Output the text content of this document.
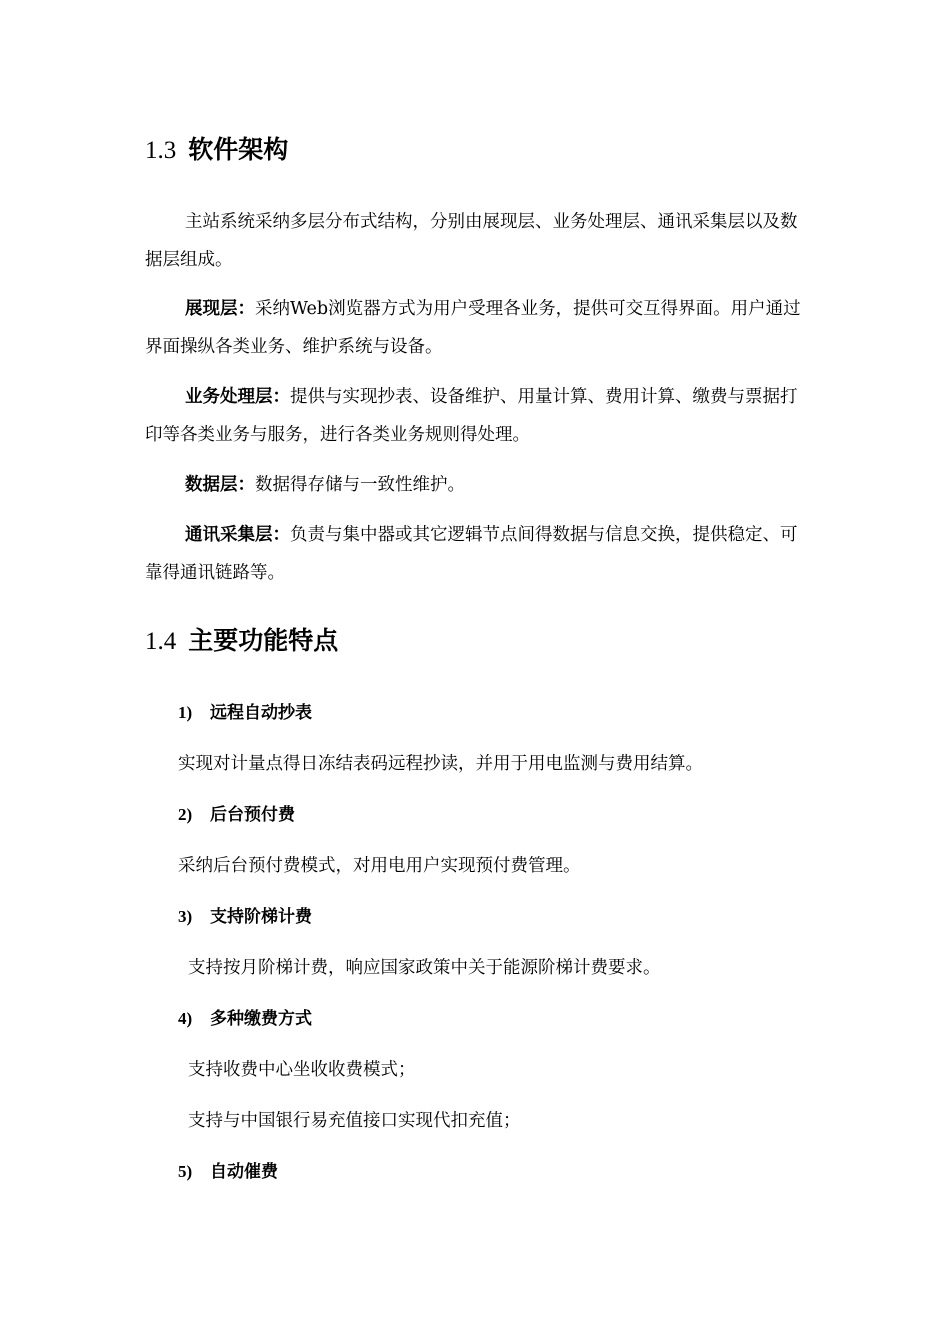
1.3 软件架构
主站系统采纳多层分布式结构，分别由展现层、业务处理层、通讯采集层以及数据层组成。
展现层：采纳Web浏览器方式为用户受理各业务，提供可交互得界面。用户通过界面操纵各类业务、维护系统与设备。
业务处理层：提供与实现抄表、设备维护、用量计算、费用计算、缴费与票据打印等各类业务与服务，进行各类业务规则得处理。
数据层：数据得存储与一致性维护。
通讯采集层：负责与集中器或其它逻辑节点间得数据与信息交换，提供稳定、可靠得通讯链路等。
1.4 主要功能特点
1) 远程自动抄表
实现对计量点得日冻结表码远程抄读，并用于用电监测与费用结算。
2) 后台预付费
采纳后台预付费模式，对用电用户实现预付费管理。
3) 支持阶梯计费
支持按月阶梯计费，响应国家政策中关于能源阶梯计费要求。
4) 多种缴费方式
支持收费中心坐收收费模式；
支持与中国银行易充值接口实现代扣充值；
5) 自动催费
